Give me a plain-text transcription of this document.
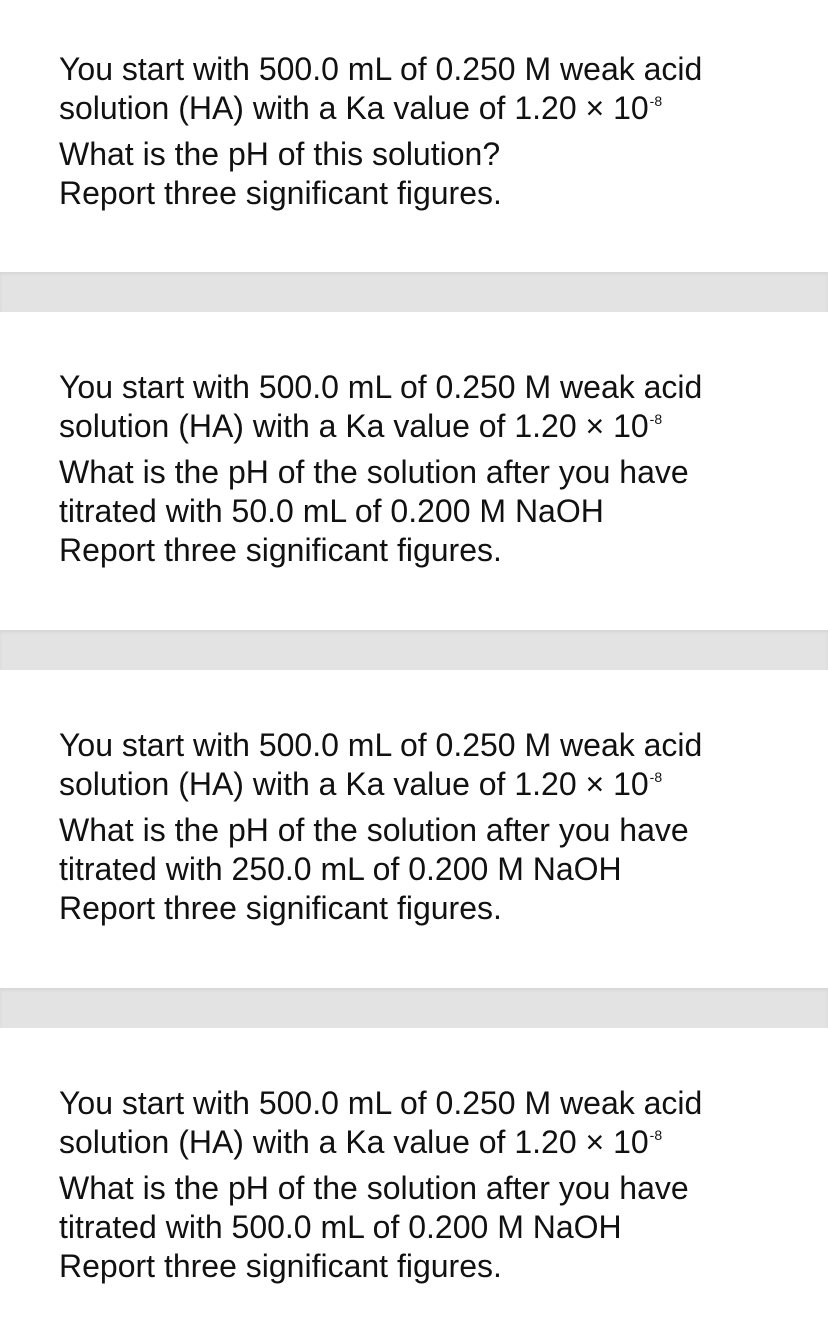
You start with 500.0 mL of 0.250 M weak acid
solution (HA) with a Ka value of $1.20 \times 10^{-8}$
What is the pH of this solution?
Report three significant figures.
You start with 500.0 mL of 0.250 M weak acid
solution (HA) with a Ka value of $1.20 \times 10^{-8}$
What is the pH of the solution after you have
titrated with 50.0 mL of 0.200 M NaOH
Report three significant figures.
You start with 500.0 mL of 0.250 M weak acid
solution (HA) with a Ka value of $1.20 \times 10^{-8}$
What is the pH of the solution after you have
titrated with 250.0 mL of 0.200 M NaOH
Report three significant figures.
You start with 500.0 mL of 0.250 M weak acid
solution (HA) with a Ka value of $1.20 \times 10^{-8}$
What is the pH of the solution after you have
titrated with 500.0 mL of 0.200 M NaOH
Report three significant figures.
